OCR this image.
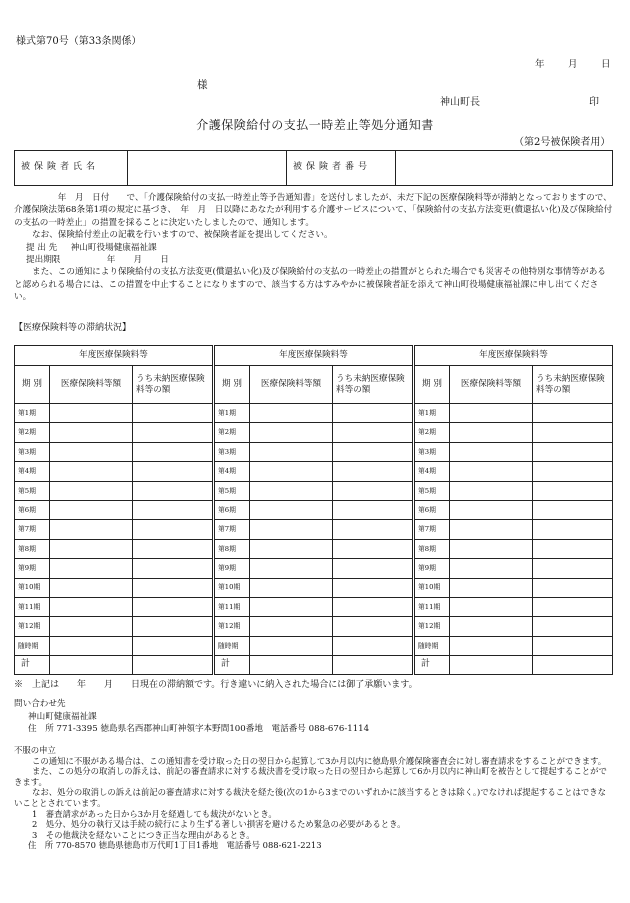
様式第70号（第33条関係）
年 月 日
様
神山町長	印
介護保険給付の支払一時差止等処分通知書
（第2号被保険者用）
被保険者氏名		被保険者番号	

　　　年　月　日付　　で、「介護保険給付の支払一時差止等予告通知書」を送付しましたが、未だ下記の医療保険料等が滞納となっておりますので、介護保険法第68条第1項の規定に基づき、　年　月　日以降にあなたが利用する介護サービスについて、「保険給付の支払方法変更(償還払い化)及び保険給付の支払の一時差止」の措置を採ることに決定いたしましたので、通知します。

なお、保険給付差止の記載を行いますので、被保険者証を提出してください。

提 出 先 神山町役場健康福祉課

提出期限	年 月 日

また、この通知により保険給付の支払方法変更(償還払い化)及び保険給付の支払の一時差止の措置がとられた場合でも災害その他特別な事情等があると認められる場合には、この措置を中止することになりますので、該当する方はすみやかに被保険者証を添えて神山町役場健康福祉課に申し出てください。

【医療保険料等の滞納状況】
年度医療保険料等		
期 別	医療保険料等額	うち未納医療保険料等の額
第1期		
第2期		
第3期		
第4期		
第5期		
第6期		
第7期		
第8期		
第9期		
第10期		
第11期		
第12期		
随時期		
計		
年度医療保険料等		
期 別	医療保険料等額	うち未納医療保険料等の額
第1期		
第2期		
第3期		
第4期		
第5期		
第6期		
第7期		
第8期		
第9期		
第10期		
第11期		
第12期		
随時期		
計		
年度医療保険料等		
期 別	医療保険料等額	うち未納医療保険料等の額
第1期		
第2期		
第3期		
第4期		
第5期		
第6期		
第7期		
第8期		
第9期		
第10期		
第11期		
第12期		
随時期		
計		
※　上記は　　年　　月　　日現在の滞納額です。行き違いに納入された場合には御了承願います。
問い合わせ先
神山町健康福祉課
住　所 771-3395 徳島県名西郡神山町神領字本野間100番地　電話番号 088-676-1114

不服の申立

この通知に不服がある場合は、この通知書を受け取った日の翌日から起算して3か月以内に徳島県介護保険審査会に対し審査請求をすることができます。

また、この処分の取消しの訴えは、前記の審査請求に対する裁決書を受け取った日の翌日から起算して6か月以内に神山町を被告として提起することができます。

なお、処分の取消しの訴えは前記の審査請求に対する裁決を経た後(次の1から3までのいずれかに該当するときは除く。)でなければ提起することはできないこととされています。

1　審査請求があった日から3か月を経過しても裁決がないとき。

2　処分、処分の執行又は手続の続行により生ずる著しい損害を避けるため緊急の必要があるとき。

3　その他裁決を経ないことにつき正当な理由があるとき。

住　所 770-8570 徳島県徳島市万代町1丁目1番地　電話番号 088-621-2213
